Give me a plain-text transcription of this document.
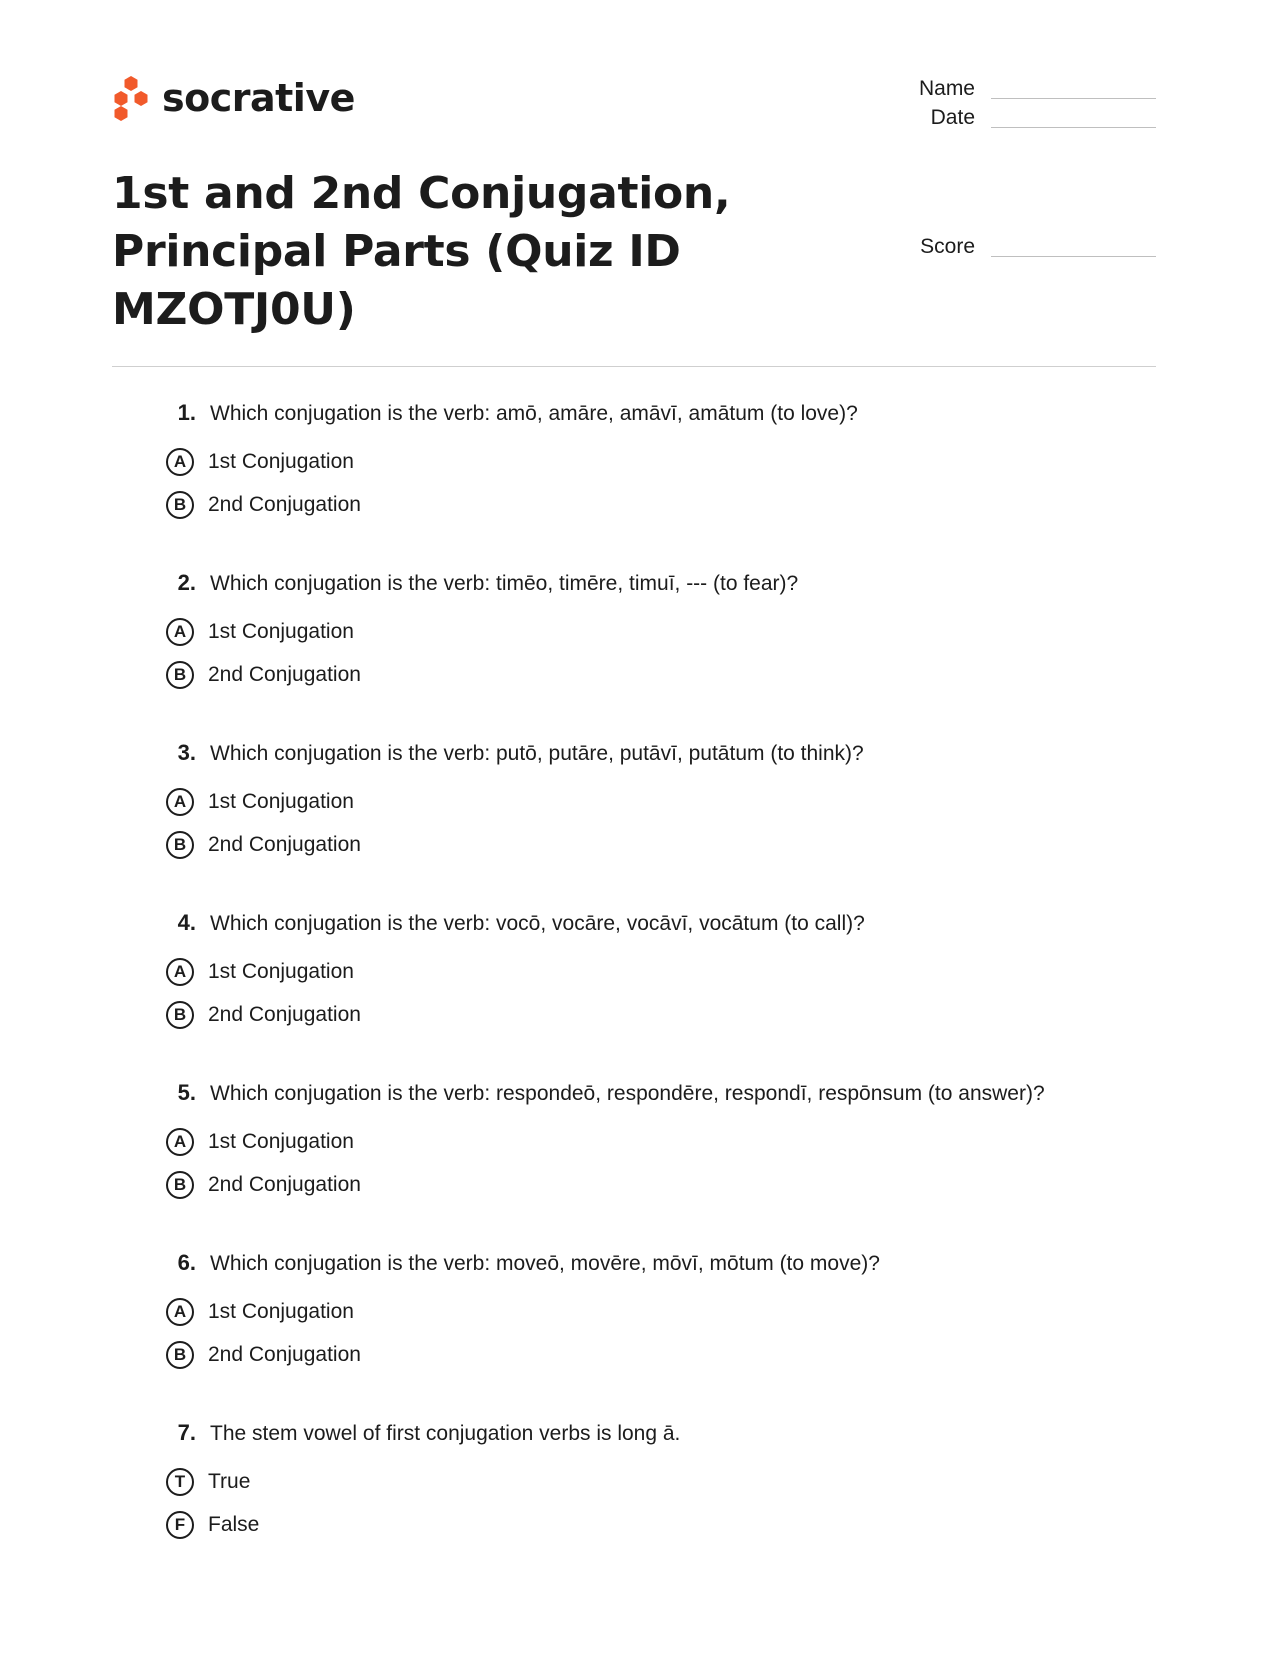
socrative
1st and 2nd Conjugation, Principal Parts (Quiz ID MZOTJ0U)
Name
Date
Score
1. Which conjugation is the verb: amō, amāre, amāvī, amātum (to love)?
A	1st Conjugation
B	2nd Conjugation
2. Which conjugation is the verb: timēo, timēre, timuī, --- (to fear)?
A	1st Conjugation
B	2nd Conjugation
3. Which conjugation is the verb: putō, putāre, putāvī, putātum (to think)?
A	1st Conjugation
B	2nd Conjugation
4. Which conjugation is the verb: vocō, vocāre, vocāvī, vocātum (to call)?
A	1st Conjugation
B	2nd Conjugation
5. Which conjugation is the verb: respondeō, respondēre, respondī, respōnsum (to answer)?
A	1st Conjugation
B	2nd Conjugation
6. Which conjugation is the verb: moveō, movēre, mōvī, mōtum (to move)?
A	1st Conjugation
B	2nd Conjugation
7. The stem vowel of first conjugation verbs is long ā.
T	True
F	False
